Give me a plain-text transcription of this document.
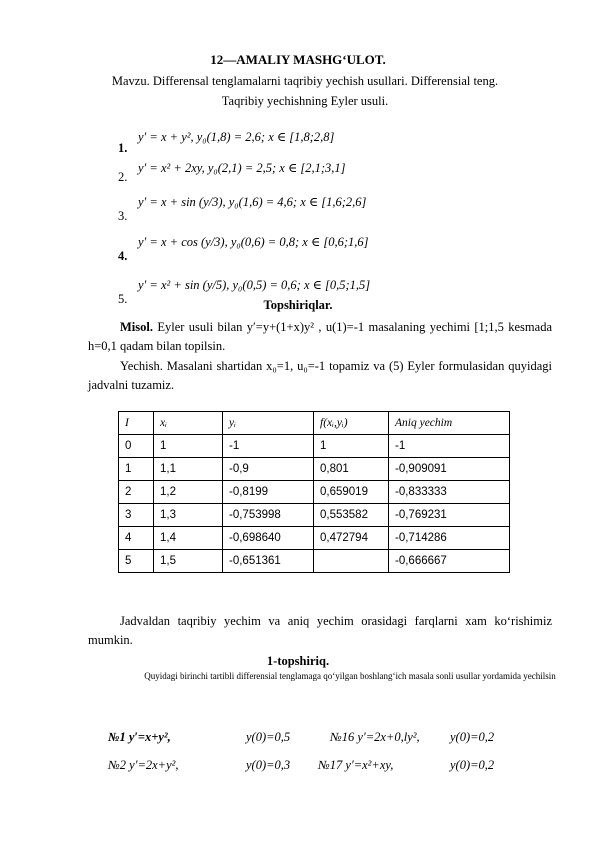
12—AMALIY MASHG‘ULOT.
Mavzu. Differensal tenglamalarni taqribiy yechish usullari. Differensial teng.
Taqribiy yechishning Eyler usuli.
1.
y′ = x + y², y₀(1,8) = 2,6; x ∈ [1,8;2,8]
2.
y′ = x² + 2xy, y₀(2,1) = 2,5; x ∈ [2,1;3,1]
3.
y′ = x + sin (y/3), y₀(1,6) = 4,6; x ∈ [1,6;2,6]
4.
y′ = x + cos (y/3), y₀(0,6) = 0,8; x ∈ [0,6;1,6]
5.
y′ = x² + sin (y/5), y₀(0,5) = 0,6; x ∈ [0,5;1,5]
Topshiriqlar.
Misol. Eyler usuli bilan y′=y+(1+x)y² , u(1)=-1 masalaning yechimi [1;1,5 kesmada h=0,1 qadam bilan topilsin.
Yechish. Masalani shartidan x₀=1, u₀=-1 topamiz va (5) Eyler formulasidan quyidagi jadvalni tuzamiz.
I	xᵢ	yᵢ	f(xᵢ,yᵢ)	Aniq yechim
0	1	-1	1	-1
1	1,1	-0,9	0,801	-0,909091
2	1,2	-0,8199	0,659019	-0,833333
3	1,3	-0,753998	0,553582	-0,769231
4	1,4	-0,698640	0,472794	-0,714286
5	1,5	-0,651361		-0,666667
Jadvaldan taqribiy yechim va aniq yechim orasidagi farqlarni xam ko‘rishimiz mumkin.
1-topshiriq.
Quyidagi birinchi tartibli differensial tenglamaga qo‘yilgan boshlang‘ich masala sonli usullar yordamida yechilsin
№1 y′=x+y²,	y(0)=0,5	№16 y′=2x+0,ly², y(0)=0,2
№2 y′=2x+y²,	y(0)=0,3 №17 y′=x²+xy,	y(0)=0,2
